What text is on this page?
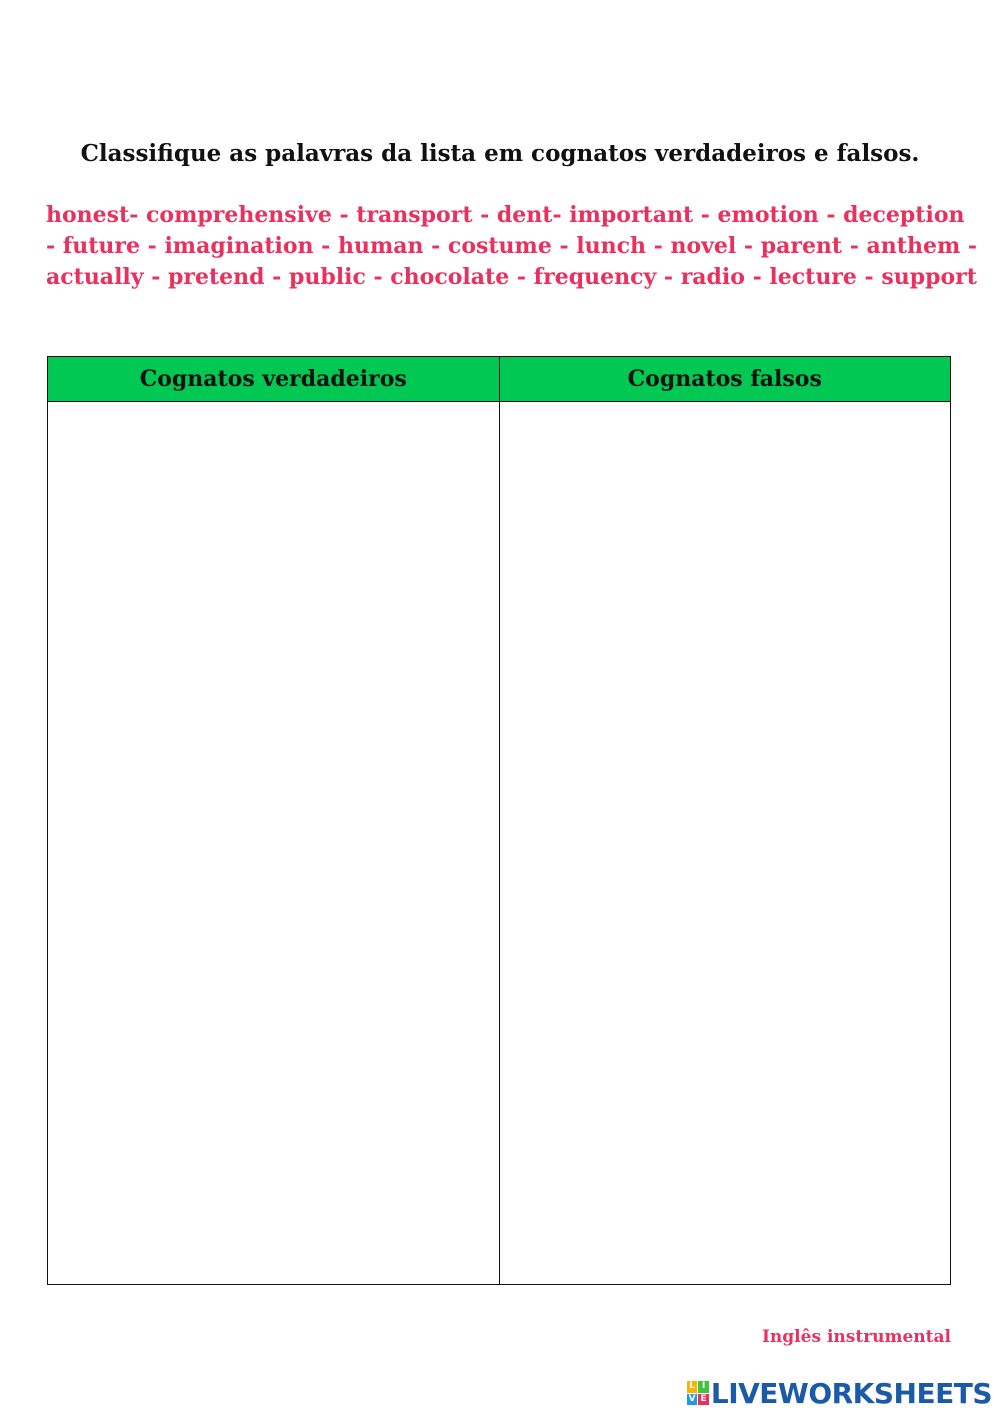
Classifique as palavras da lista em cognatos verdadeiros e falsos.

honest- comprehensive - transport - dent- important - emotion - deception
- future - imagination - human - costume - lunch - novel - parent - anthem -
actually - pretend - public - chocolate - frequency - radio - lecture - support

Cognatos verdadeiros	Cognatos falsos

Inglês instrumental

L I
V E LIVEWORKSHEETS
